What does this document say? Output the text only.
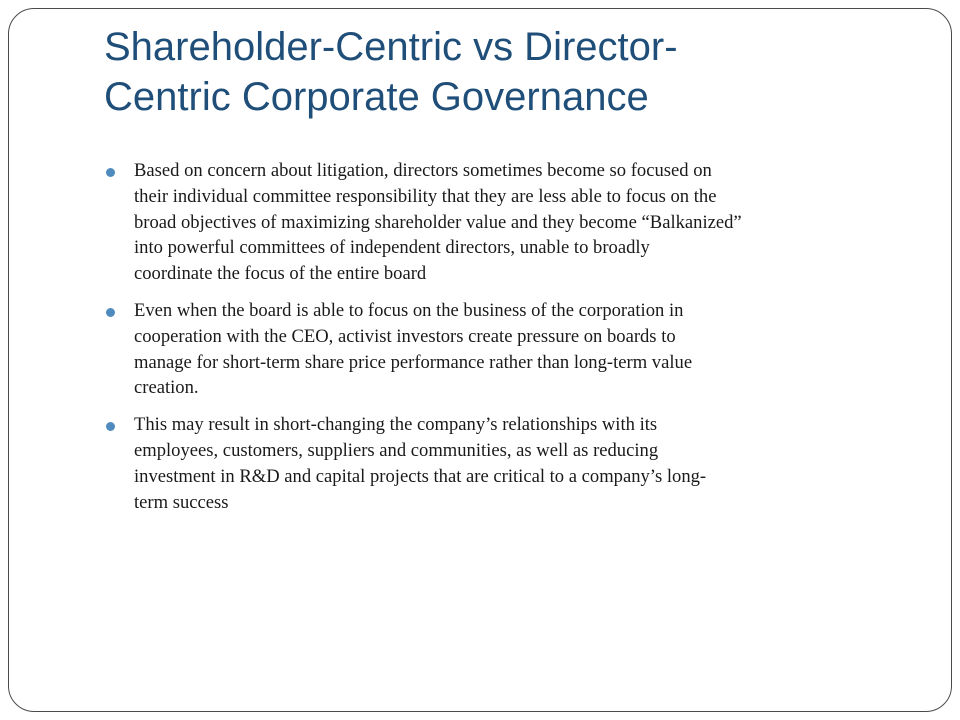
Shareholder-Centric vs Director-
Centric Corporate Governance
Based on concern about litigation, directors sometimes become so focused on
their individual committee responsibility that they are less able to focus on the
broad objectives of maximizing shareholder value and they become “Balkanized”
into powerful committees of independent directors, unable to broadly
coordinate the focus of the entire board
Even when the board is able to focus on the business of the corporation in
cooperation with the CEO, activist investors create pressure on boards to
manage for short-term share price performance rather than long-term value
creation.
This may result in short-changing the company’s relationships with its
employees, customers, suppliers and communities, as well as reducing
investment in R&D and capital projects that are critical to a company’s long-
term success
